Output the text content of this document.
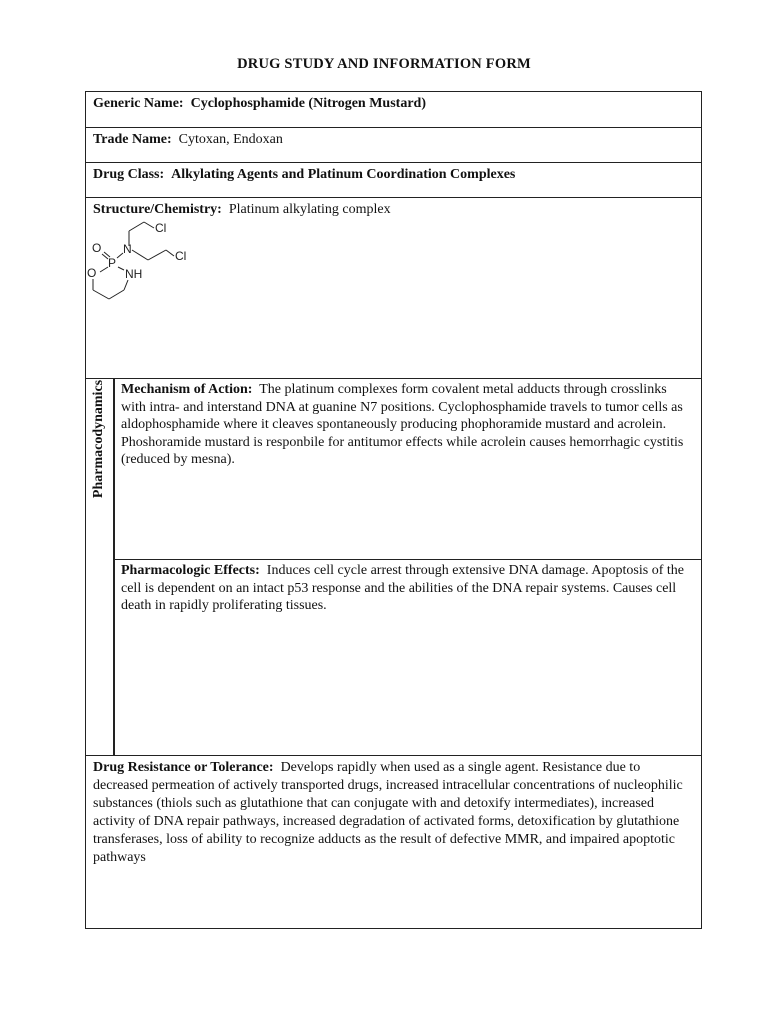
DRUG STUDY AND INFORMATION FORM
Generic Name: Cyclophosphamide (Nitrogen Mustard)
Trade Name: Cytoxan, Endoxan
Drug Class: Alkylating Agents and Platinum Coordination Complexes
Structure/Chemistry: Platinum alkylating complex
Cl
Cl
O
P
N
NH
O
Pharmacodynamics	Mechanism of Action: The platinum complexes form covalent metal adducts through crosslinks with intra- and interstand DNA at guanine N7 positions. Cyclophosphamide travels to tumor cells as aldophosphamide where it cleaves spontaneously producing phophoramide mustard and acrolein. Phoshoramide mustard is responbile for antitumor effects while acrolein causes hemorrhagic cystitis (reduced by mesna).
Pharmacologic Effects: Induces cell cycle arrest through extensive DNA damage. Apoptosis of the cell is dependent on an intact p53 response and the abilities of the DNA repair systems. Causes cell death in rapidly proliferating tissues.
Drug Resistance or Tolerance: Develops rapidly when used as a single agent. Resistance due to decreased permeation of actively transported drugs, increased intracellular concentrations of nucleophilic substances (thiols such as glutathione that can conjugate with and detoxify intermediates), increased activity of DNA repair pathways, increased degradation of activated forms, detoxification by glutathione transferases, loss of ability to recognize adducts as the result of defective MMR, and impaired apoptotic pathways
